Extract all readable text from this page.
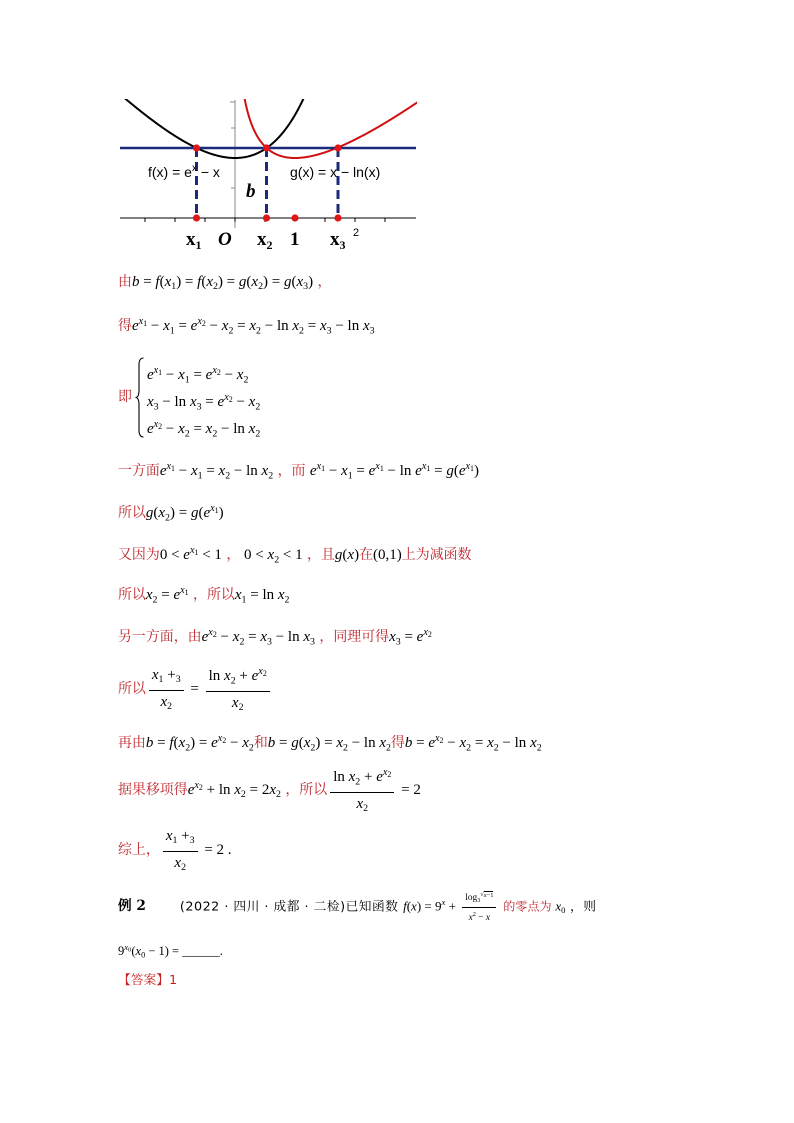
$f(x) = e^x - x$	g(x) = x − ln(x)
b
$x_1$ O $x_2$ 1 $x_3$
2
由$b = f(x_1) = f(x_2) = g(x_2) = g(x_3)$ ，
得$e^{x1} - x_1 = e^{x2} - x_2 = x_2 - \ln x_2 = x_3 - \ln x_3$
即
$e^{x1} - x_1 = e^{x2} - x_2$
$x_3 - \ln x_3 = e^{x2} - x_2$
$e^{x2} - x_2 = x_2 - \ln x_2$
一方面$e^{x1} - x_1 = x_2 - \ln x_2$ ，而 $e^{x1} - x_1 = e^{x1} - \ln e^{x1} = g(e^{x1})$
所以$g(x_2) = g(e^{x1})$
又因为$0 < e^{x1} < 1$ ， $0 < x_2 < 1$ ，且g(x)在(0,1)上为减函数
所以$x_2 = e^{x1}$ ，所以$x_1 = \ln x_2$
另一方面，由$e^{x2} - x_2 = x_3 - \ln x_3$ ，同理可得$x_3 = e^{x2}$
所以 $\frac{x_1 +_3}{x_2} = \frac{\ln x_2 + e^{x2}}{x_2}$
再由$b = f(x_2) = e^{x2} - x_2$和$b = g(x_2) = x_2 - \ln x_2$得$b = e^{x2} - x_2 = x_2 - \ln x_2$
据果移项得$e^{x2} + \ln x_2 = 2x_2$ ，所以 $\frac{\ln x_2 + e^{x2}}{x_2} = 2$
综上， $\frac{x_1 +_3}{x_2} = 2$ .
例 2	(2022 · 四川 · 成都 · 二检)已知函数 $f(x) = 9^x + \log_3$
$^{√ x-1}$
$x^2 - x$ 的零点为 $x_0$ ，则
$9^{x0}(x_0 - 1)$ = ______.
【答案】1
